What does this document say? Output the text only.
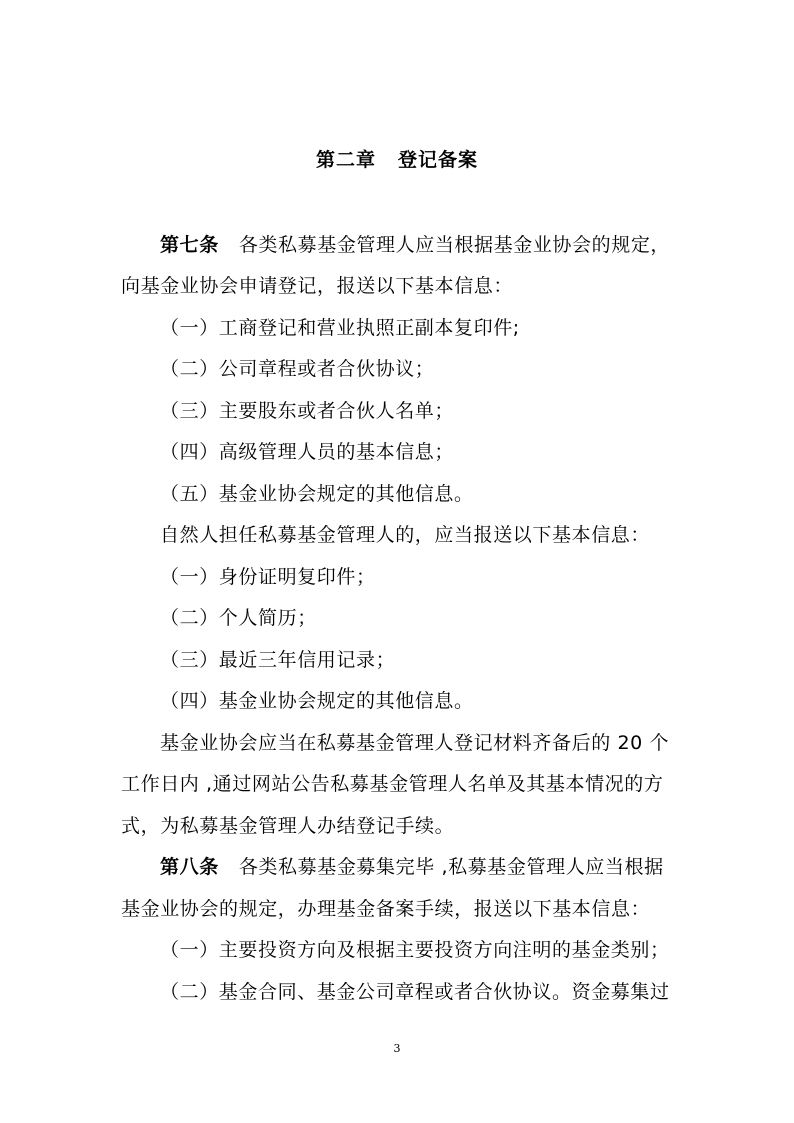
第二章 登记备案
第七条 各类私募基金管理人应当根据基金业协会的规定，
向基金业协会申请登记，报送以下基本信息：
（一）工商登记和营业执照正副本复印件;
（二）公司章程或者合伙协议；
（三）主要股东或者合伙人名单；
（四）高级管理人员的基本信息；
（五）基金业协会规定的其他信息。
自然人担任私募基金管理人的，应当报送以下基本信息：
（一）身份证明复印件；
（二）个人简历；
（三）最近三年信用记录；
（四）基金业协会规定的其他信息。
基金业协会应当在私募基金管理人登记材料齐备后的 20 个
工作日内 ,通过网站公告私募基金管理人名单及其基本情况的方
式，为私募基金管理人办结登记手续。
第八条 各类私募基金募集完毕 ,私募基金管理人应当根据
基金业协会的规定，办理基金备案手续，报送以下基本信息：
（一）主要投资方向及根据主要投资方向注明的基金类别；
（二）基金合同、基金公司章程或者合伙协议。资金募集过
3
